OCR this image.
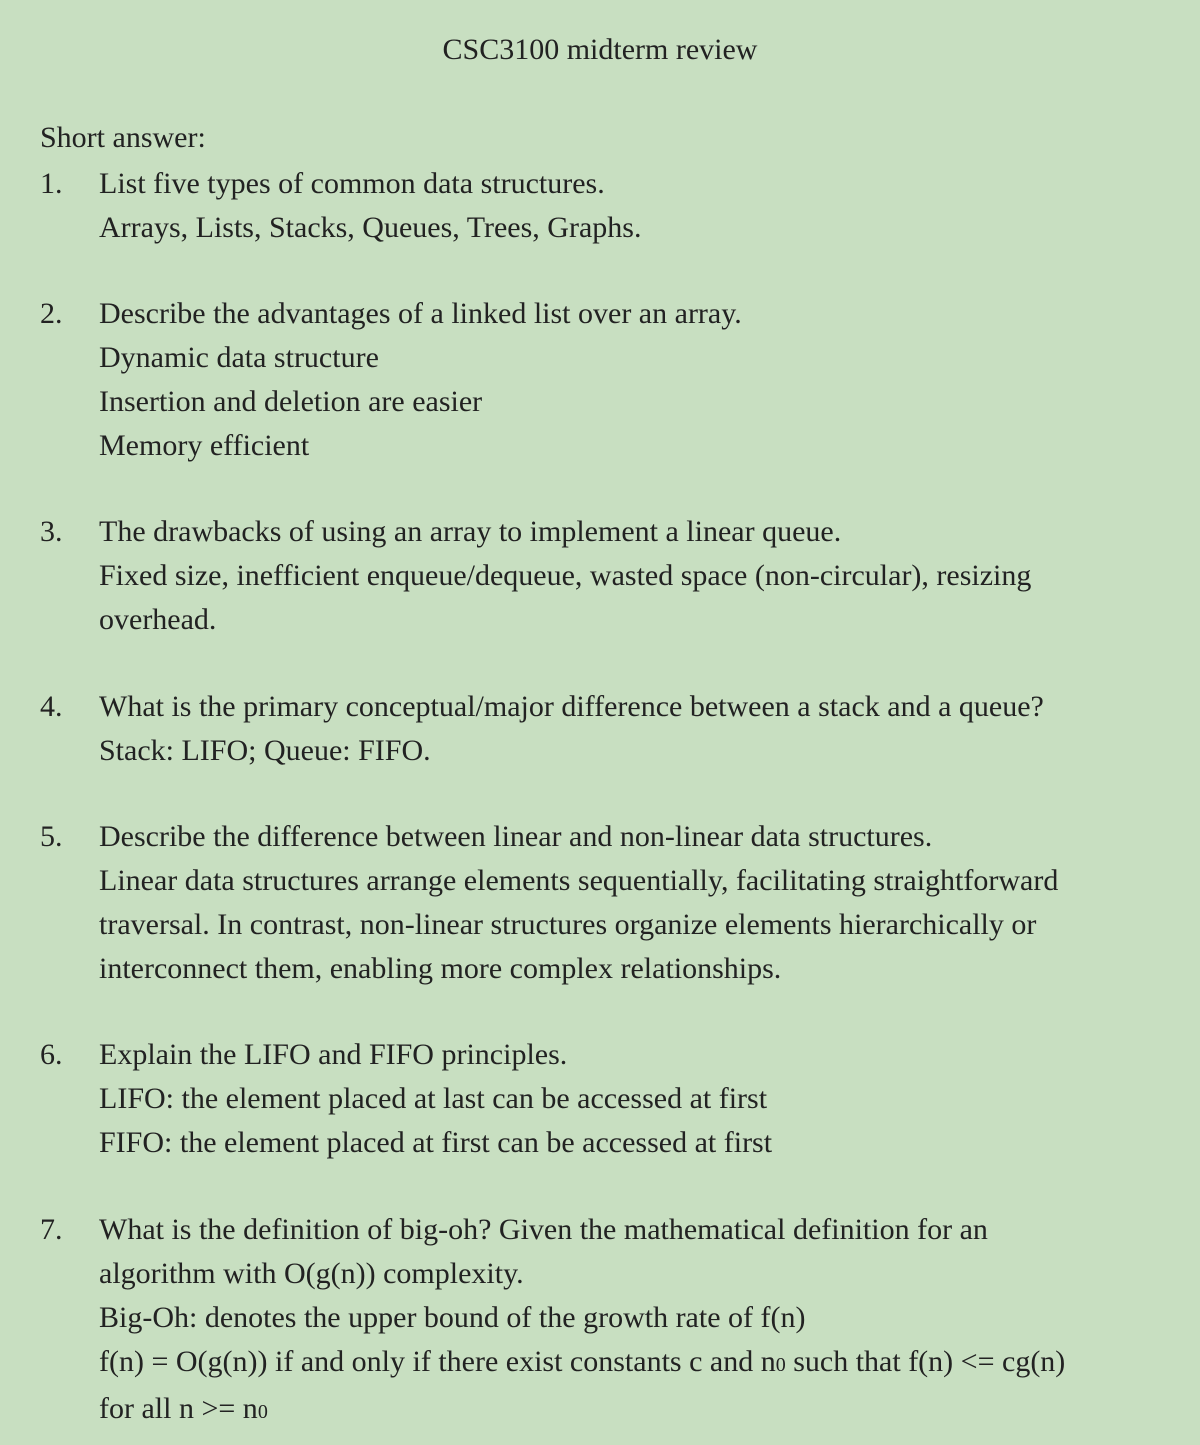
CSC3100 midterm review

Short answer:

1. List five types of common data structures.
Arrays, Lists, Stacks, Queues, Trees, Graphs.
2. Describe the advantages of a linked list over an array.
Dynamic data structure
Insertion and deletion are easier
Memory efficient
3. The drawbacks of using an array to implement a linear queue.
Fixed size, inefficient enqueue/dequeue, wasted space (non-circular), resizing
overhead.
4. What is the primary conceptual/major difference between a stack and a queue?
Stack: LIFO; Queue: FIFO.
5. Describe the difference between linear and non-linear data structures.
Linear data structures arrange elements sequentially, facilitating straightforward
traversal. In contrast, non-linear structures organize elements hierarchically or
interconnect them, enabling more complex relationships.
6. Explain the LIFO and FIFO principles.
LIFO: the element placed at last can be accessed at first
FIFO: the element placed at first can be accessed at first
7. What is the definition of big-oh? Given the mathematical definition for an
algorithm with O(g(n)) complexity.
Big-Oh: denotes the upper bound of the growth rate of f(n)
f(n) = O(g(n)) if and only if there exist constants c and n0 such that f(n) <= cg(n)
for all n >= n0
